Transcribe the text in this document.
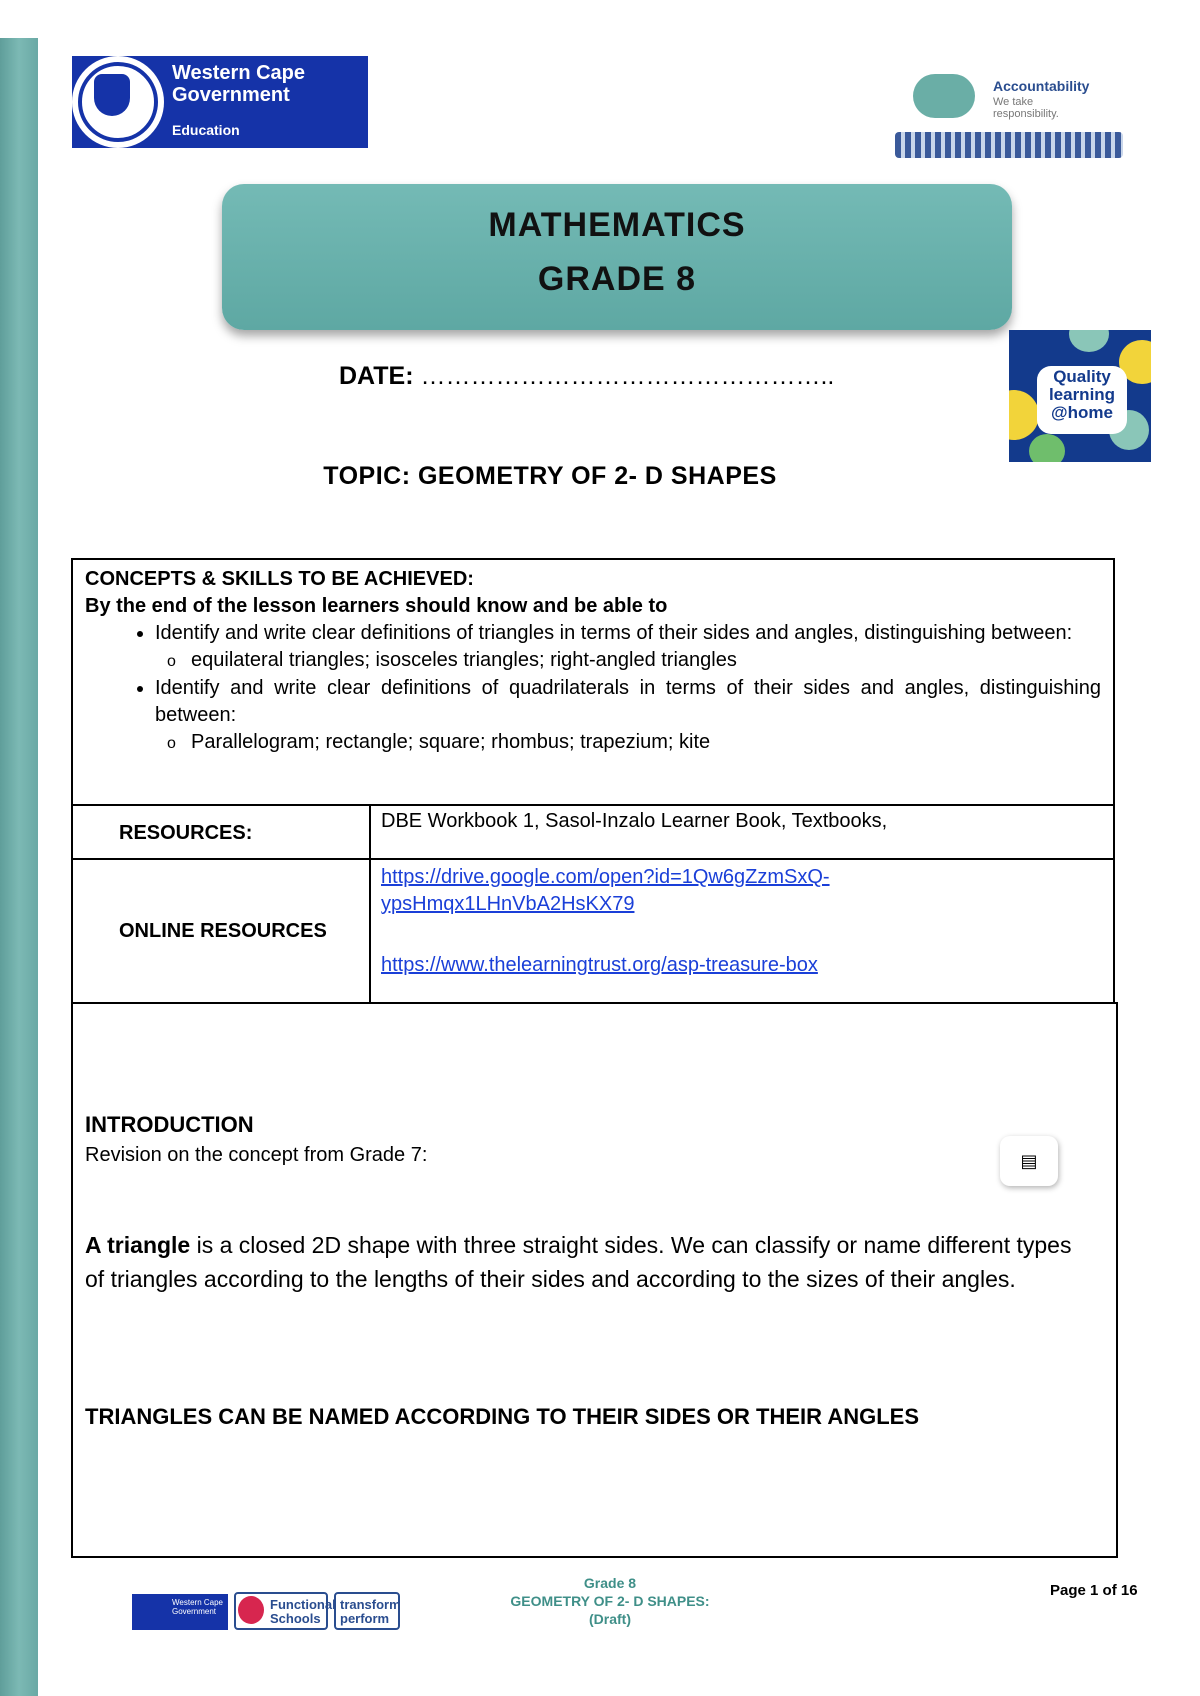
Western Cape
Government
Education
Accountability
We take
responsibility.
MATHEMATICS
GRADE 8
Quality
learning
@home
DATE: …………………………………………..
TOPIC: GEOMETRY OF 2- D SHAPES

CONCEPTS & SKILLS TO BE ACHIEVED:

By the end of the lesson learners should know and be able to

• Identify and write clear definitions of triangles in terms of their sides and angles, distinguishing between:
o equilateral triangles; isosceles triangles; right-angled triangles
• Identify and write clear definitions of quadrilaterals in terms of their sides and angles, distinguishing between:
o Parallelogram; rectangle; square; rhombus; trapezium; kite
RESOURCES:
DBE Workbook 1, Sasol-Inzalo Learner Book, Textbooks,
ONLINE RESOURCES
https://drive.google.com/open?id=1Qw6gZzmSxQ-
ypsHmqx1LHnVbA2HsKX79
https://www.thelearningtrust.org/asp-treasure-box
INTRODUCTION
Revision on the concept from Grade 7:
A triangle is a closed 2D shape with three straight sides. We can classify or name different types of triangles according to the lengths of their sides and according to the sizes of their angles.
TRIANGLES CAN BE NAMED ACCORDING TO THEIR SIDES OR THEIR ANGLES
▤
Western Cape Government	Functional Schools
transform perform
Grade 8
GEOMETRY OF 2- D SHAPES:
(Draft)
Page 1 of 16
